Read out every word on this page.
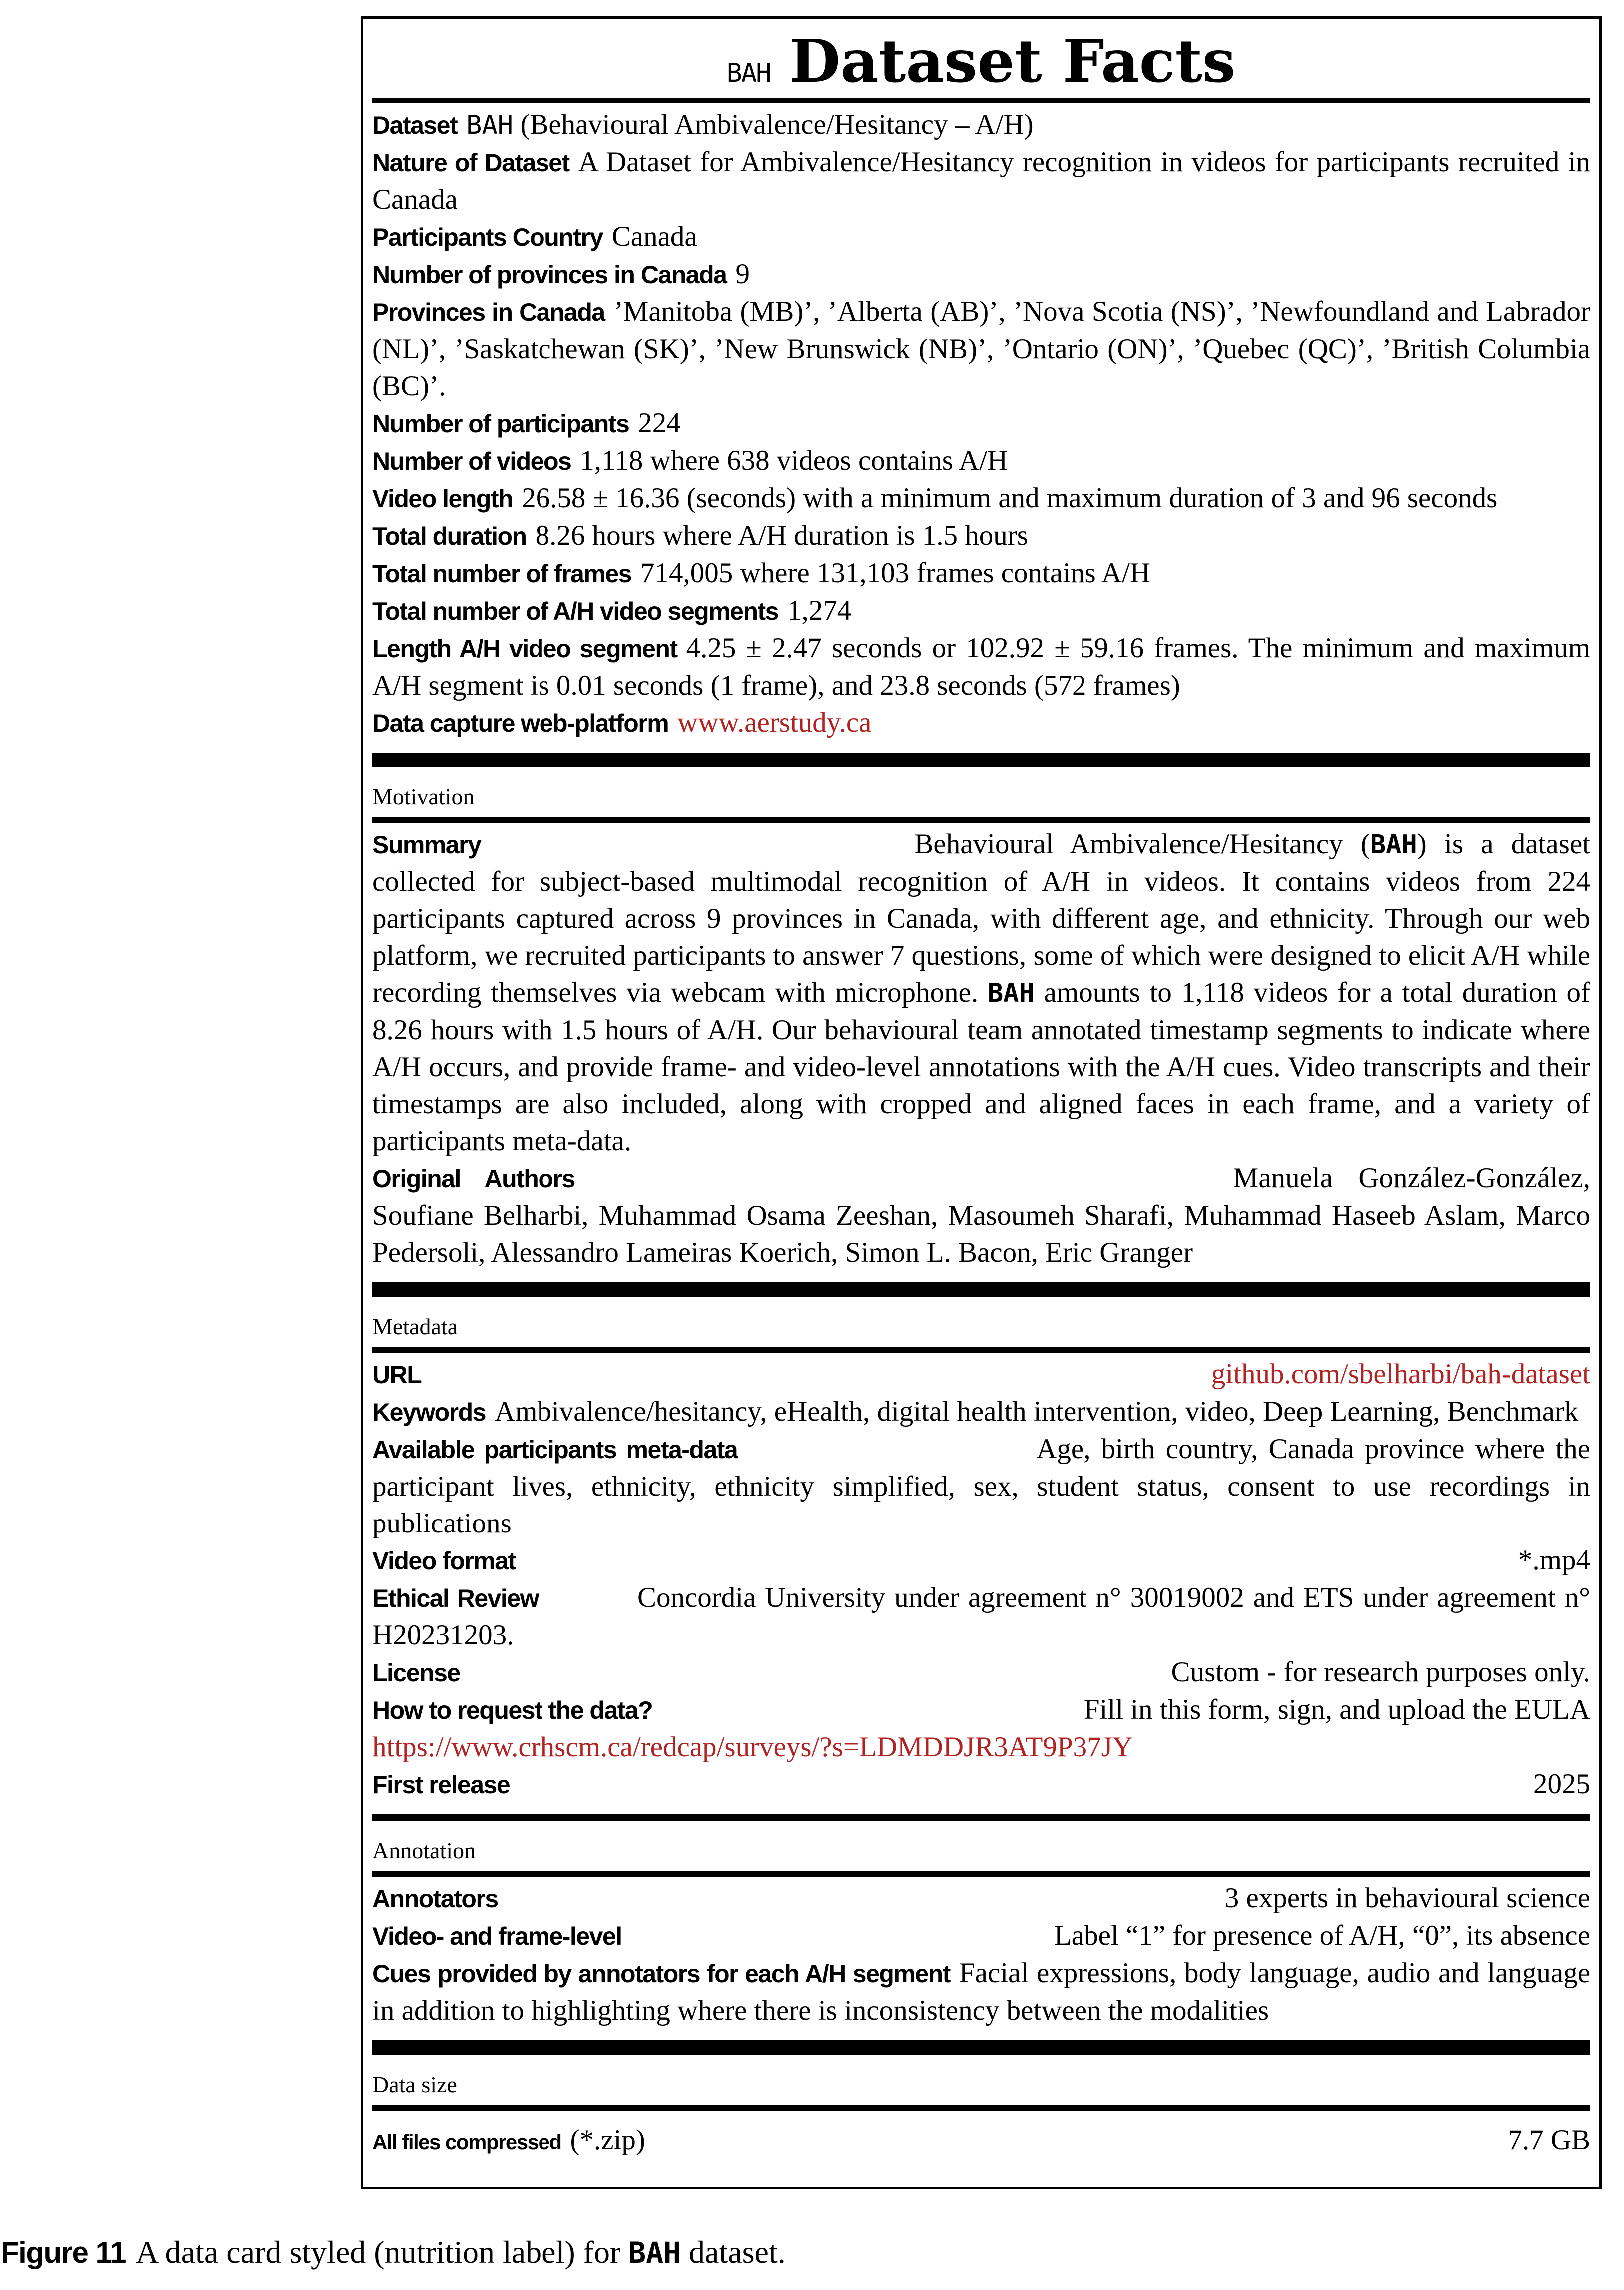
BAH Dataset Facts
Dataset BAH (Behavioural Ambivalence/Hesitancy – A/H)
Nature of Dataset A Dataset for Ambivalence/Hesitancy recognition in videos for participants recruited in Canada
Participants Country Canada
Number of provinces in Canada 9
Provinces in Canada ’Manitoba (MB)’, ’Alberta (AB)’, ’Nova Scotia (NS)’, ’Newfoundland and Labrador (NL)’, ’Saskatchewan (SK)’, ’New Brunswick (NB)’, ’Ontario (ON)’, ’Quebec (QC)’, ’British Columbia (BC)’.
Number of participants 224
Number of videos 1,118 where 638 videos contains A/H
Video length 26.58 ± 16.36 (seconds) with a minimum and maximum duration of 3 and 96 seconds
Total duration 8.26 hours where A/H duration is 1.5 hours
Total number of frames 714,005 where 131,103 frames contains A/H
Total number of A/H video segments 1,274
Length A/H video segment 4.25 ± 2.47 seconds or 102.92 ± 59.16 frames. The minimum and maximum A/H segment is 0.01 seconds (1 frame), and 23.8 seconds (572 frames)
Data capture web-platform www.aerstudy.ca
Motivation
Summary	Behavioural Ambivalence/Hesitancy (BAH) is a dataset collected for subject-based multimodal recognition of A/H in videos. It contains videos from 224 participants captured across 9 provinces in Canada, with different age, and ethnicity. Through our web platform, we recruited participants to answer 7 questions, some of which were designed to elicit A/H while recording themselves via webcam with microphone. BAH amounts to 1,118 videos for a total duration of 8.26 hours with 1.5 hours of A/H. Our behavioural team annotated timestamp segments to indicate where A/H occurs, and provide frame- and video-level annotations with the A/H cues. Video transcripts and their timestamps are also included, along with cropped and aligned faces in each frame, and a variety of participants meta-data.
Original Authors	Manuela González-González, Soufiane Belharbi, Muhammad Osama Zeeshan, Masoumeh Sharafi, Muhammad Haseeb Aslam, Marco Pedersoli, Alessandro Lameiras Koerich, Simon L. Bacon, Eric Granger
Metadata
URL	github.com/sbelharbi/bah-dataset
Keywords Ambivalence/hesitancy, eHealth, digital health intervention, video, Deep Learning, Benchmark
Available participants meta-data	Age, birth country, Canada province where the participant lives, ethnicity, ethnicity simplified, sex, student status, consent to use recordings in publications
Video format	*.mp4
Ethical Review	Concordia University under agreement n° 30019002 and ETS under agreement n° H20231203.
License	Custom - for research purposes only.
How to request the data?	Fill in this form, sign, and upload the EULA
https://www.crhscm.ca/redcap/surveys/?s=LDMDDJR3AT9P37JY
First release	2025
Annotation
Annotators	3 experts in behavioural science
Video- and frame-level	Label “1” for presence of A/H, “0”, its absence
Cues provided by annotators for each A/H segment Facial expressions, body language, audio and language in addition to highlighting where there is inconsistency between the modalities
Data size
All files compressed (*.zip)	7.7 GB
Figure 11 A data card styled (nutrition label) for BAH dataset.
